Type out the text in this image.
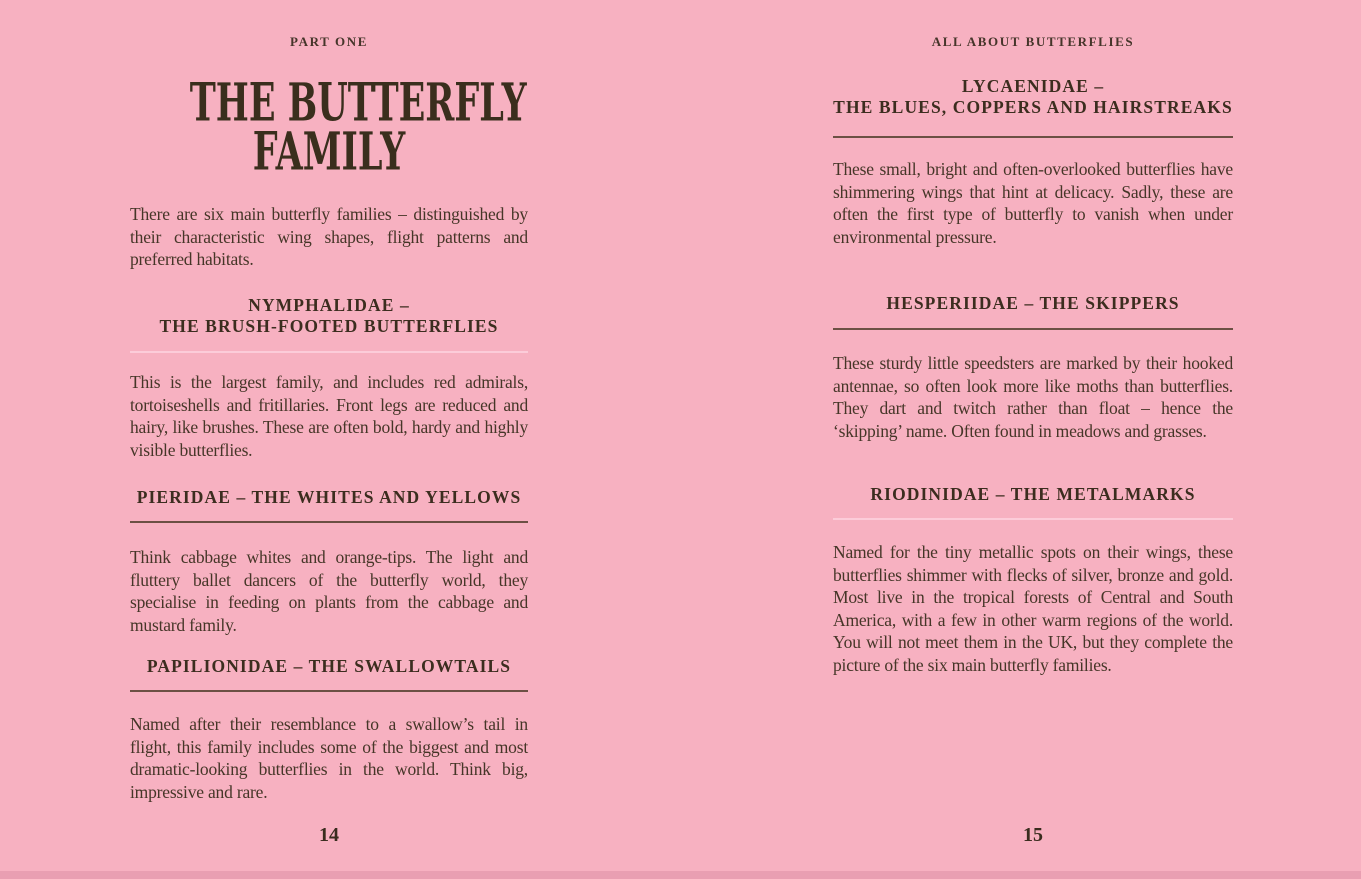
PART ONE
THE BUTTERFLY
FAMILY

There are six main butterfly families – distinguished by their characteristic wing shapes, flight patterns and preferred habitats.

NYMPHALIDAE –
THE BRUSH-FOOTED BUTTERFLIES

This is the largest family, and includes red admirals, tortoiseshells and fritillaries. Front legs are reduced and hairy, like brushes. These are often bold, hardy and highly visible butterflies.

PIERIDAE – THE WHITES AND YELLOWS

Think cabbage whites and orange-tips. The light and fluttery ballet dancers of the butterfly world, they specialise in feeding on plants from the cabbage and mustard family.

PAPILIONIDAE – THE SWALLOWTAILS

Named after their resemblance to a swallow’s tail in flight, this family includes some of the biggest and most dramatic-looking butterflies in the world. Think big, impressive and rare.

14
ALL ABOUT BUTTERFLIES
LYCAENIDAE –
THE BLUES, COPPERS AND HAIRSTREAKS

These small, bright and often-overlooked butterflies have shimmering wings that hint at delicacy. Sadly, these are often the first type of butterfly to vanish when under environmental pressure.

HESPERIIDAE – THE SKIPPERS

These sturdy little speedsters are marked by their hooked antennae, so often look more like moths than butterflies. They dart and twitch rather than float – hence the ‘skipping’ name. Often found in meadows and grasses.

RIODINIDAE – THE METALMARKS

Named for the tiny metallic spots on their wings, these butterflies shimmer with flecks of silver, bronze and gold. Most live in the tropical forests of Central and South America, with a few in other warm regions of the world. You will not meet them in the UK, but they complete the picture of the six main butterfly families.

15
